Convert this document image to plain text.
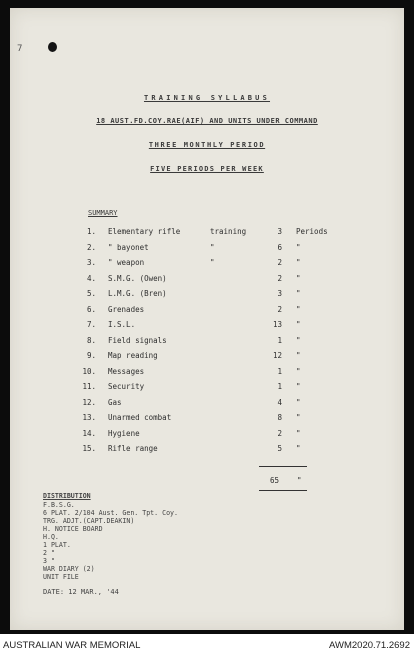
7
TRAINING SYLLABUS
18 AUST.FD.COY.RAE(AIF) AND UNITS UNDER COMMAND
THREE MONTHLY PERIOD
FIVE PERIODS PER WEEK
SUMMARY
1. Elementary rifle	training	3 Periods
2. " bayonet	"	6 "
3. " weapon	"	2 "
4. S.M.G. (Owen)	2 "
5. L.M.G. (Bren)	3 "
6. Grenades	2 "
7. I.S.L.	13 "
8. Field signals	1 "
9. Map reading	12 "
10. Messages	1 "
11. Security	1 "
12. Gas	4 "
13. Unarmed combat	8 "
14. Hygiene	2 "
15. Rifle range	5 "
65 "
DISTRIBUTION
F.B.S.G.
6 PLAT. 2/104 Aust. Gen. Tpt. Coy.
TRG. ADJT.(CAPT.DEAKIN)
H. NOTICE BOARD
H.Q.
1 PLAT.
2 "
3 "
WAR DIARY (2)
UNIT FILE
DATE: 12 MAR., '44
AUSTRALIAN WAR MEMORIAL	AWM2020.71.2692
